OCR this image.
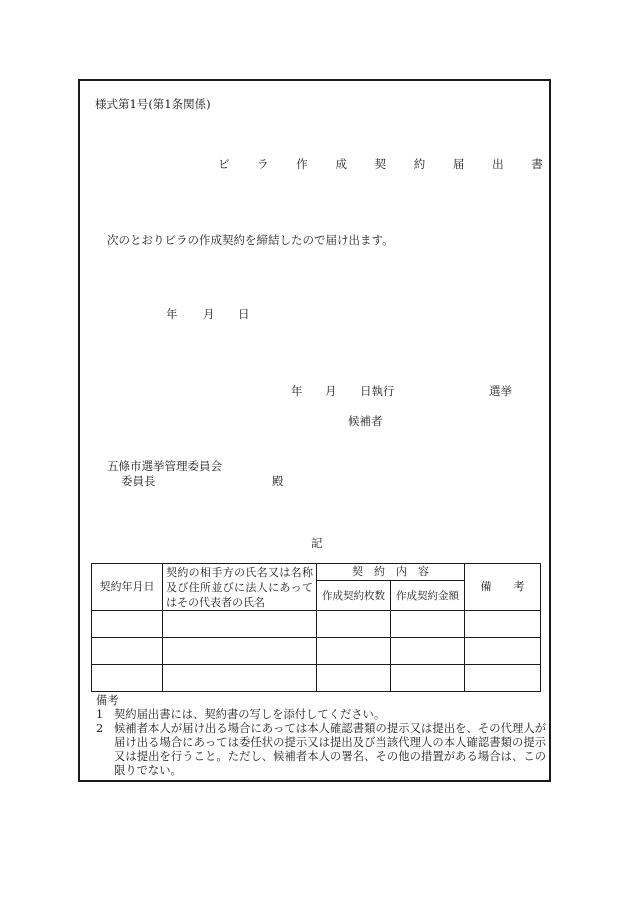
様式第1号(第1条関係)
ビ ラ 作 成 契 約 届 出 書
次のとおりビラの作成契約を締結したので届け出ます。
年 月 日
年 月 日執行	選挙
候補者
五條市選挙管理委員会
委員長	殿
記
契約年月日	契約の相手方の氏名又は名称及び住所並びに法人にあってはその代表者の氏名	契　約　内　容		備　　考
		作成契約枚数	作成契約金額	

備考
1 契約届出書には、契約書の写しを添付してください。
2 候補者本人が届け出る場合にあっては本人確認書類の提示又は提出を、その代理人が届け出る場合にあっては委任状の提示又は提出及び当該代理人の本人確認書類の提示又は提出を行うこと。ただし、候補者本人の署名、その他の措置がある場合は、この限りでない。
